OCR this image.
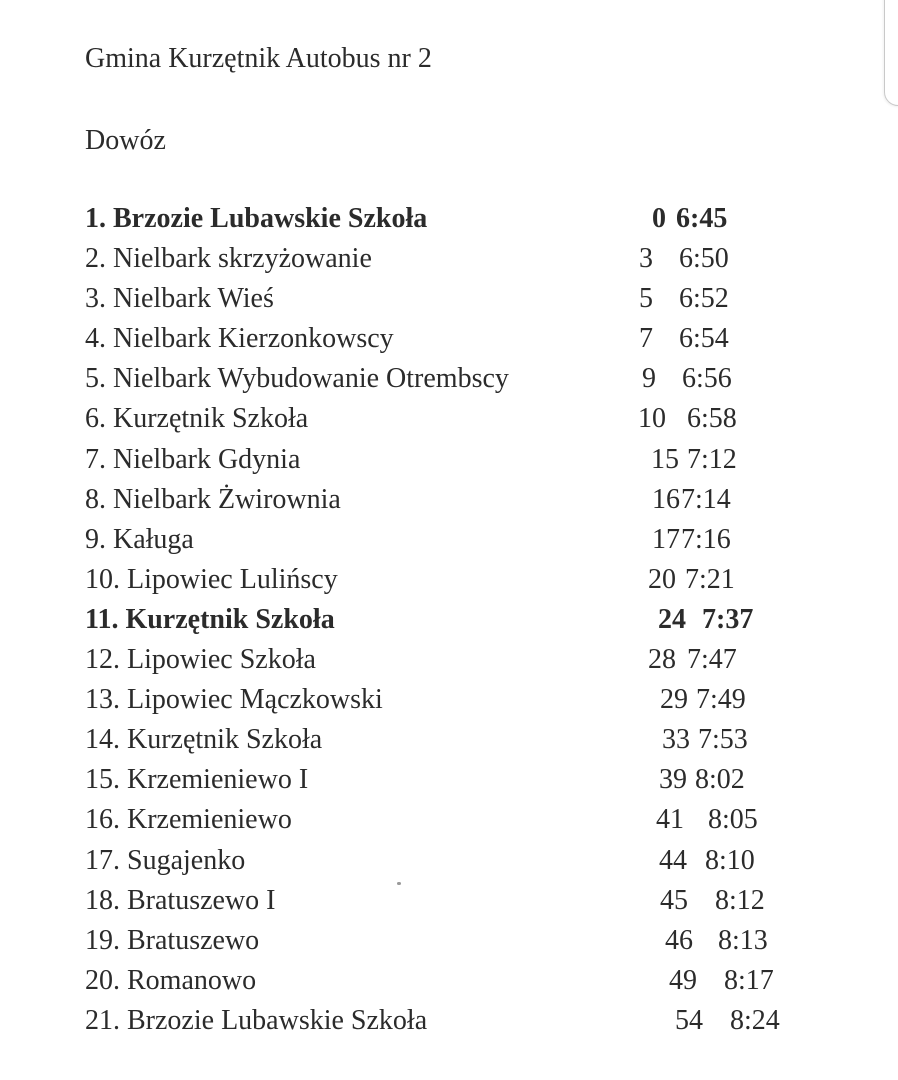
Gmina Kurzętnik Autobus nr 2
Dowóz
1. Brzozie Lubawskie Szkoła	0 6:45
2. Nielbark skrzyżowanie	3 6:50
3. Nielbark Wieś	5 6:52
4. Nielbark Kierzonkowscy	7 6:54
5. Nielbark Wybudowanie Otrembscy	9 6:56
6. Kurzętnik Szkoła	10 6:58
7. Nielbark Gdynia	15 7:12
8. Nielbark Żwirownia	16 7:14
9. Kaługa	17 7:16
10. Lipowiec Lulińscy	20 7:21
11. Kurzętnik Szkoła	24 7:37
12. Lipowiec Szkoła	28 7:47
13. Lipowiec Mączkowski	29 7:49
14. Kurzętnik Szkoła	33 7:53
15. Krzemieniewo I	39 8:02
16. Krzemieniewo	41 8:05
17. Sugajenko	44 8:10
18. Bratuszewo I	45 8:12
19. Bratuszewo	46 8:13
20. Romanowo	49 8:17
21. Brzozie Lubawskie Szkoła	54 8:24
